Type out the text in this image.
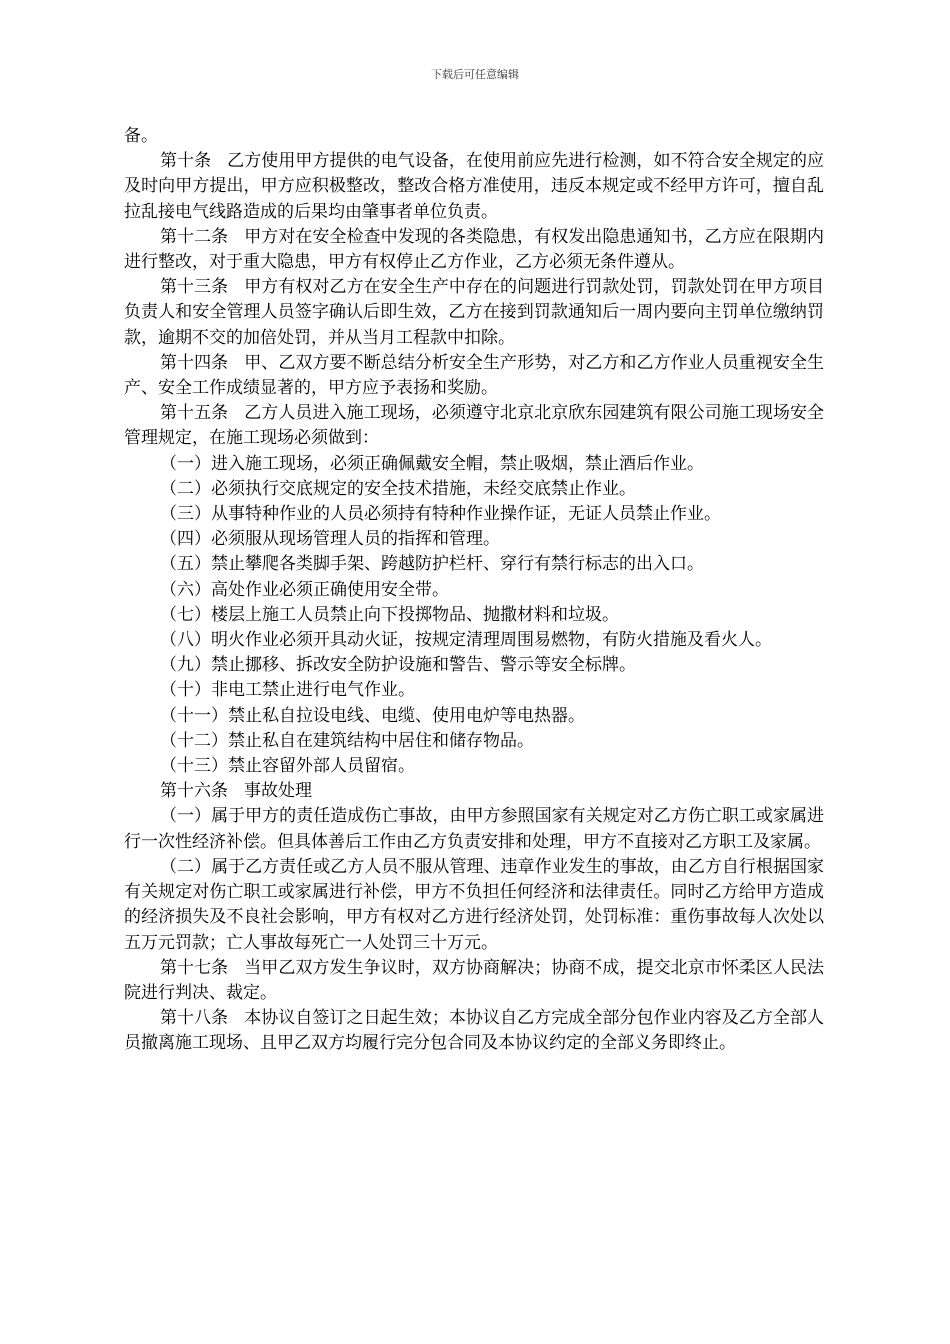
下载后可任意编辑

备。

第十条 乙方使用甲方提供的电气设备，在使用前应先进行检测，如不符合安全规定的应及时向甲方提出，甲方应积极整改，整改合格方准使用，违反本规定或不经甲方许可，擅自乱拉乱接电气线路造成的后果均由肇事者单位负责。

第十二条 甲方对在安全检查中发现的各类隐患，有权发出隐患通知书，乙方应在限期内进行整改，对于重大隐患，甲方有权停止乙方作业，乙方必须无条件遵从。

第十三条 甲方有权对乙方在安全生产中存在的问题进行罚款处罚，罚款处罚在甲方项目负责人和安全管理人员签字确认后即生效，乙方在接到罚款通知后一周内要向主罚单位缴纳罚款，逾期不交的加倍处罚，并从当月工程款中扣除。

第十四条 甲、乙双方要不断总结分析安全生产形势，对乙方和乙方作业人员重视安全生产、安全工作成绩显著的，甲方应予表扬和奖励。

第十五条 乙方人员进入施工现场，必须遵守北京北京欣东园建筑有限公司施工现场安全管理规定，在施工现场必须做到：

（一）进入施工现场，必须正确佩戴安全帽，禁止吸烟，禁止酒后作业。

（二）必须执行交底规定的安全技术措施，未经交底禁止作业。

（三）从事特种作业的人员必须持有特种作业操作证，无证人员禁止作业。

（四）必须服从现场管理人员的指挥和管理。

（五）禁止攀爬各类脚手架、跨越防护栏杆、穿行有禁行标志的出入口。

（六）高处作业必须正确使用安全带。

（七）楼层上施工人员禁止向下投掷物品、抛撒材料和垃圾。

（八）明火作业必须开具动火证，按规定清理周围易燃物，有防火措施及看火人。

（九）禁止挪移、拆改安全防护设施和警告、警示等安全标牌。

（十）非电工禁止进行电气作业。

（十一）禁止私自拉设电线、电缆、使用电炉等电热器。

（十二）禁止私自在建筑结构中居住和储存物品。

（十三）禁止容留外部人员留宿。

第十六条 事故处理

（一）属于甲方的责任造成伤亡事故，由甲方参照国家有关规定对乙方伤亡职工或家属进行一次性经济补偿。但具体善后工作由乙方负责安排和处理，甲方不直接对乙方职工及家属。

（二）属于乙方责任或乙方人员不服从管理、违章作业发生的事故，由乙方自行根据国家有关规定对伤亡职工或家属进行补偿，甲方不负担任何经济和法律责任。同时乙方给甲方造成的经济损失及不良社会影响，甲方有权对乙方进行经济处罚，处罚标准：重伤事故每人次处以五万元罚款；亡人事故每死亡一人处罚三十万元。

第十七条 当甲乙双方发生争议时，双方协商解决；协商不成，提交北京市怀柔区人民法院进行判决、裁定。

第十八条 本协议自签订之日起生效；本协议自乙方完成全部分包作业内容及乙方全部人员撤离施工现场、且甲乙双方均履行完分包合同及本协议约定的全部义务即终止。
